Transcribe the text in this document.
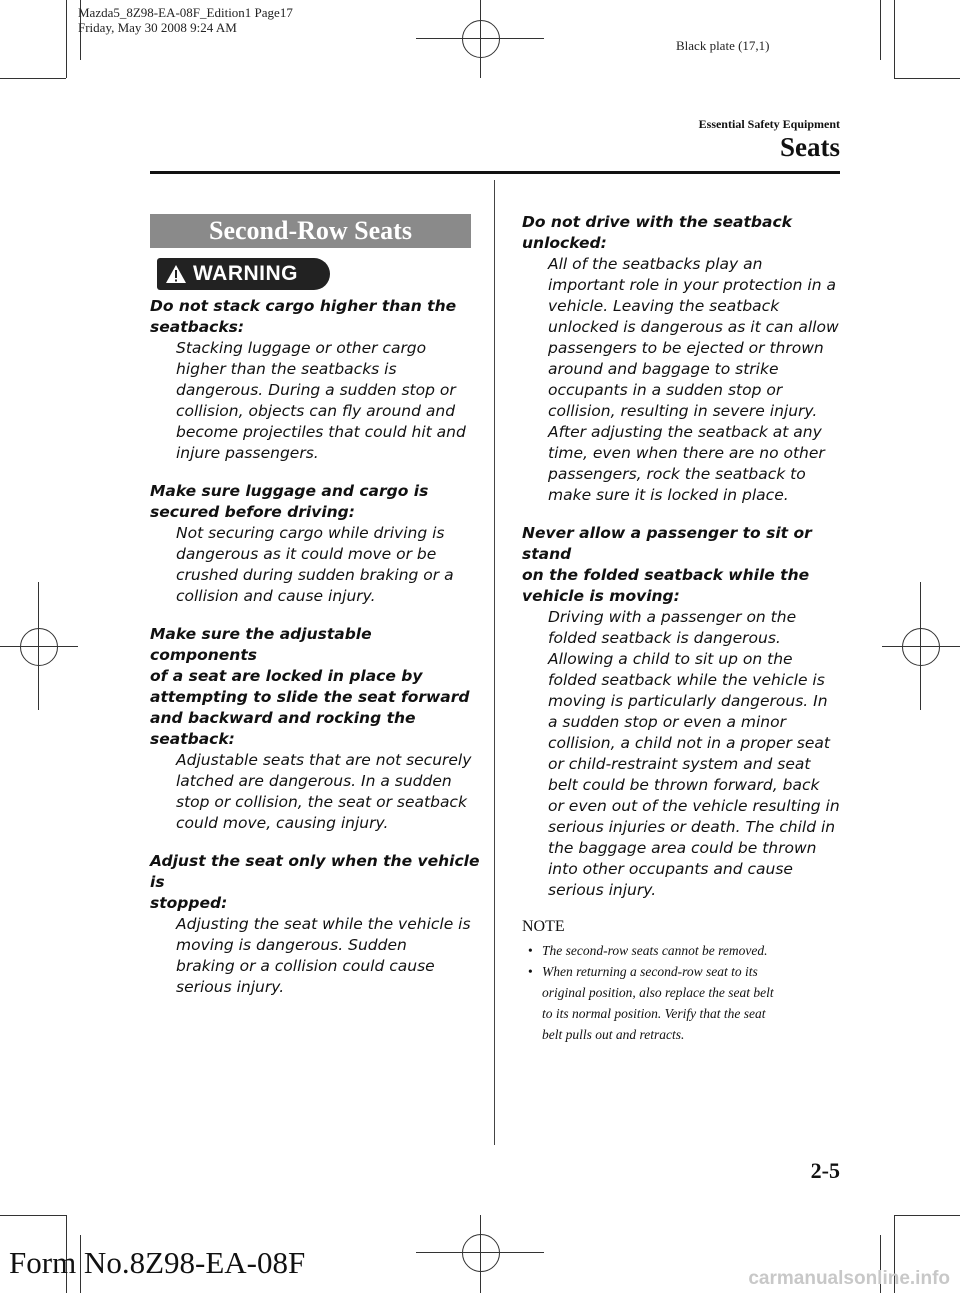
Mazda5_8Z98-EA-08F_Edition1 Page17
Friday, May 30 2008 9:24 AM
Black plate (17,1)
Essential Safety Equipment
Seats
Second-Row Seats
WARNING
Do not stack cargo higher than the
seatbacks:
Stacking luggage or other cargo
higher than the seatbacks is
dangerous. During a sudden stop or
collision, objects can fly around and
become projectiles that could hit and
injure passengers.
Make sure luggage and cargo is
secured before driving:
Not securing cargo while driving is
dangerous as it could move or be
crushed during sudden braking or a
collision and cause injury.
Make sure the adjustable components
of a seat are locked in place by
attempting to slide the seat forward
and backward and rocking the
seatback:
Adjustable seats that are not securely
latched are dangerous. In a sudden
stop or collision, the seat or seatback
could move, causing injury.
Adjust the seat only when the vehicle is
stopped:
Adjusting the seat while the vehicle is
moving is dangerous. Sudden
braking or a collision could cause
serious injury.
Do not drive with the seatback
unlocked:
All of the seatbacks play an
important role in your protection in a
vehicle. Leaving the seatback
unlocked is dangerous as it can allow
passengers to be ejected or thrown
around and baggage to strike
occupants in a sudden stop or
collision, resulting in severe injury.
After adjusting the seatback at any
time, even when there are no other
passengers, rock the seatback to
make sure it is locked in place.
Never allow a passenger to sit or stand
on the folded seatback while the
vehicle is moving:
Driving with a passenger on the
folded seatback is dangerous.
Allowing a child to sit up on the
folded seatback while the vehicle is
moving is particularly dangerous. In
a sudden stop or even a minor
collision, a child not in a proper seat
or child-restraint system and seat
belt could be thrown forward, back
or even out of the vehicle resulting in
serious injuries or death. The child in
the baggage area could be thrown
into other occupants and cause
serious injury.
NOTE
• The second-row seats cannot be removed.
• When returning a second-row seat to its
original position, also replace the seat belt
to its normal position. Verify that the seat
belt pulls out and retracts.
2-5
Form No.8Z98-EA-08F	carmanualsonline.info
